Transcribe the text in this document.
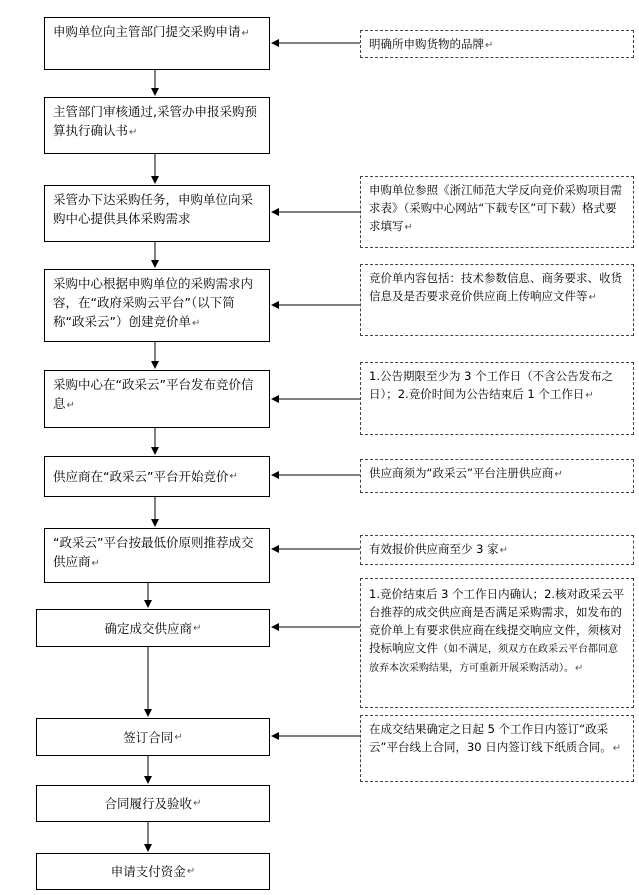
申购单位向主管部门提交采购申请↵
主管部门审核通过,采管办申报采购预算执行确认书↵
采管办下达采购任务，申购单位向采购中心提供具体采购需求
采购中心根据申购单位的采购需求内容，在“政府采购云平台”（以下简称“政采云”）创建竞价单↵
采购中心在“政采云”平台发布竞价信息↵
供应商在“政采云”平台开始竞价 ↵
“政采云”平台按最低价原则推荐成交供应商↵
确定成交供应商 ↵
签订合同 ↵
合同履行及验收 ↵
申请支付资金 ↵
明确所申购货物的品牌↵
申购单位参照《浙江师范大学反向竞价采购项目需求表》（采购中心网站“下载专区”可下载）格式要求填写↵
竞价单内容包括：技术参数信息、商务要求、收货信息及是否要求竞价供应商上传响应文件等↵
1.公告期限至少为 3 个工作日（不含公告发布之日）；2.竞价时间为公告结束后 1 个工作日↵
供应商须为“政采云”平台注册供应商↵
有效报价供应商至少 3 家↵
1.竞价结束后 3 个工作日内确认；2.核对政采云平台推荐的成交供应商是否满足采购需求，如发布的竞价单上有要求供应商在线提交响应文件，须核对投标响应文件（如不满足，须双方在政采云平台都同意放弃本次采购结果，方可重新开展采购活动）。↵
在成交结果确定之日起 5 个工作日内签订“政采云”平台线上合同，30 日内签订线下纸质合同。↵
